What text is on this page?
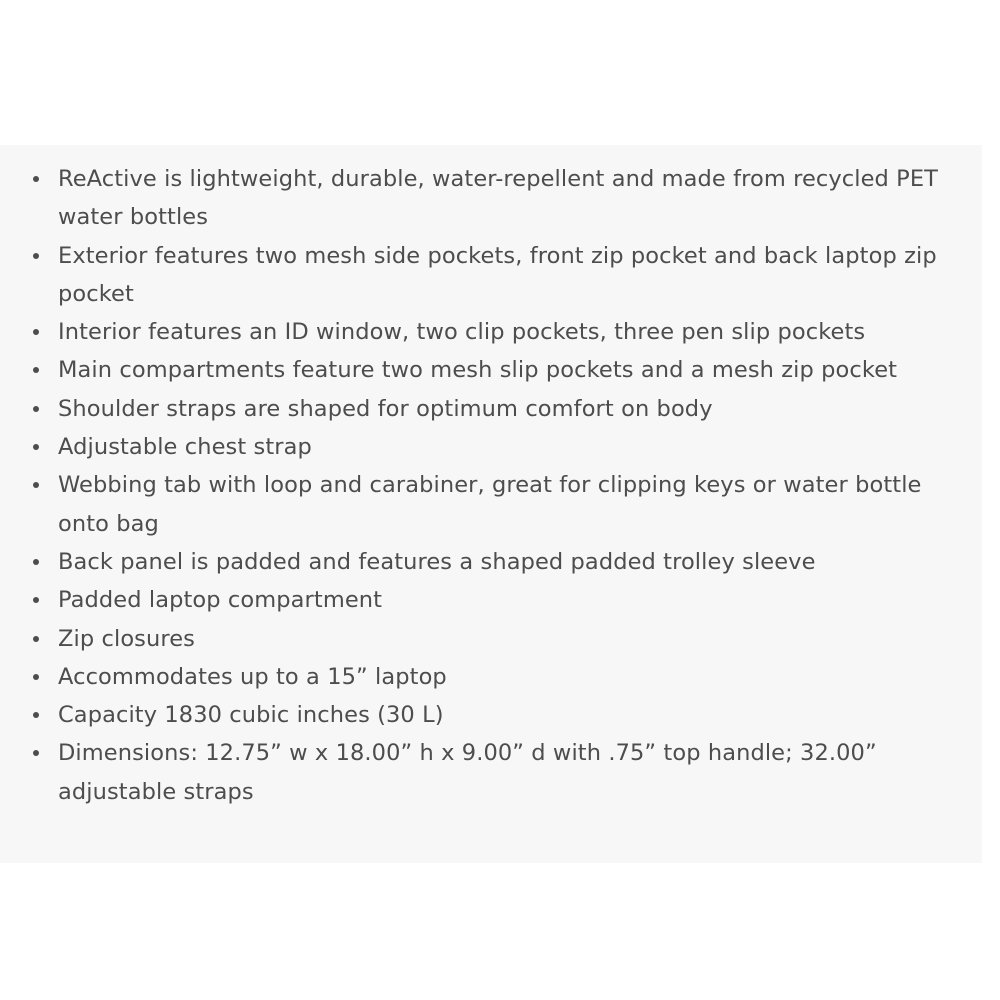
ReActive is lightweight, durable, water-repellent and made from recycled PET water bottles
Exterior features two mesh side pockets, front zip pocket and back laptop zip pocket
Interior features an ID window, two clip pockets, three pen slip pockets
Main compartments feature two mesh slip pockets and a mesh zip pocket
Shoulder straps are shaped for optimum comfort on body
Adjustable chest strap
Webbing tab with loop and carabiner, great for clipping keys or water bottle onto bag
Back panel is padded and features a shaped padded trolley sleeve
Padded laptop compartment
Zip closures
Accommodates up to a 15” laptop
Capacity 1830 cubic inches (30 L)
Dimensions: 12.75” w x 18.00” h x 9.00” d with .75” top handle; 32.00” adjustable straps
